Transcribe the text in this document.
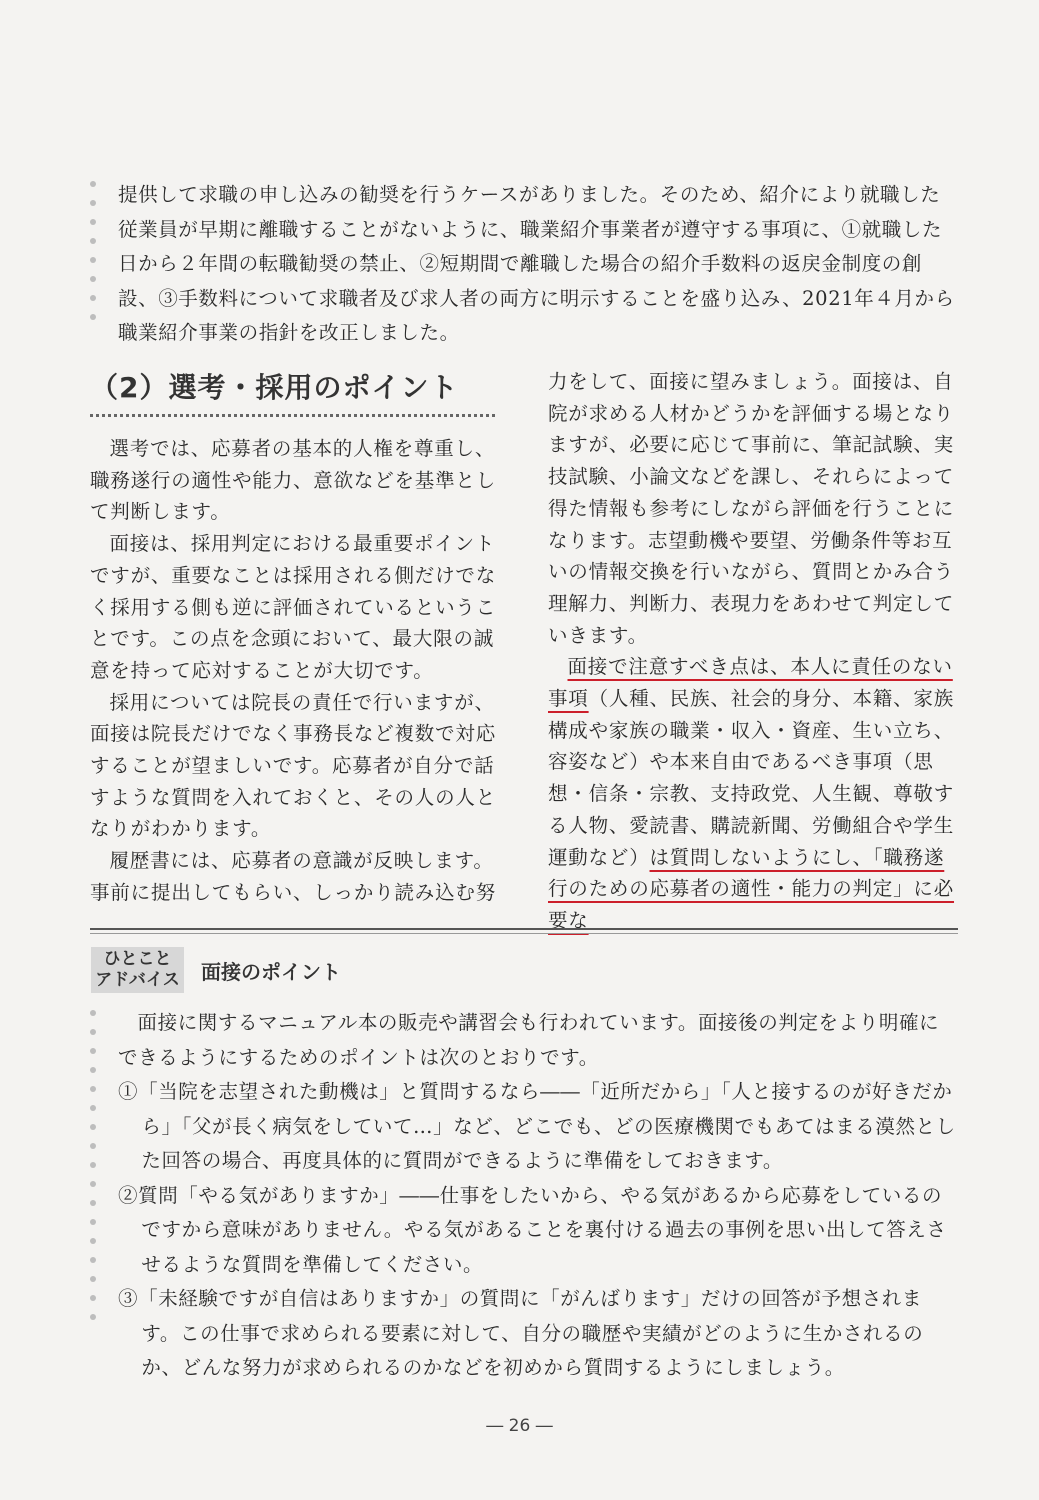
提供して求職の申し込みの勧奨を行うケースがありました。そのため、紹介により就職した従業員が早期に離職することがないように、職業紹介事業者が遵守する事項に、①就職した日から２年間の転職勧奨の禁止、②短期間で離職した場合の紹介手数料の返戻金制度の創設、③手数料について求職者及び求人者の両方に明示することを盛り込み、2021年４月から職業紹介事業の指針を改正しました。

（2）選考・採用のポイント

選考では、応募者の基本的人権を尊重し、職務遂行の適性や能力、意欲などを基準として判断します。

面接は、採用判定における最重要ポイントですが、重要なことは採用される側だけでなく採用する側も逆に評価されているということです。この点を念頭において、最大限の誠意を持って応対することが大切です。

採用については院長の責任で行いますが、面接は院長だけでなく事務長など複数で対応することが望ましいです。応募者が自分で話すような質問を入れておくと、その人の人となりがわかります。

履歴書には、応募者の意識が反映します。事前に提出してもらい、しっかり読み込む努

力をして、面接に望みましょう。面接は、自院が求める人材かどうかを評価する場となりますが、必要に応じて事前に、筆記試験、実技試験、小論文などを課し、それらによって得た情報も参考にしながら評価を行うことになります。志望動機や要望、労働条件等お互いの情報交換を行いながら、質問とかみ合う理解力、判断力、表現力をあわせて判定していきます。

面接で注意すべき点は、本人に責任のない事項（人種、民族、社会的身分、本籍、家族構成や家族の職業・収入・資産、生い立ち、容姿など）や本来自由であるべき事項（思想・信条・宗教、支持政党、人生観、尊敬する人物、愛読書、購読新聞、労働組合や学生運動など）は質問しないようにし、「職務遂行のための応募者の適性・能力の判定」に必要な

ひとこと
アドバイス 面接のポイント

面接に関するマニュアル本の販売や講習会も行われています。面接後の判定をより明確にできるようにするためのポイントは次のとおりです。

①「当院を志望された動機は」と質問するなら――「近所だから」「人と接するのが好きだから」「父が長く病気をしていて…」など、どこでも、どの医療機関でもあてはまる漠然とした回答の場合、再度具体的に質問ができるように準備をしておきます。

②質問「やる気がありますか」――仕事をしたいから、やる気があるから応募をしているのですから意味がありません。やる気があることを裏付ける過去の事例を思い出して答えさせるような質問を準備してください。

③「未経験ですが自信はありますか」の質問に「がんばります」だけの回答が予想されます。この仕事で求められる要素に対して、自分の職歴や実績がどのように生かされるのか、どんな努力が求められるのかなどを初めから質問するようにしましょう。

― 26 ―
